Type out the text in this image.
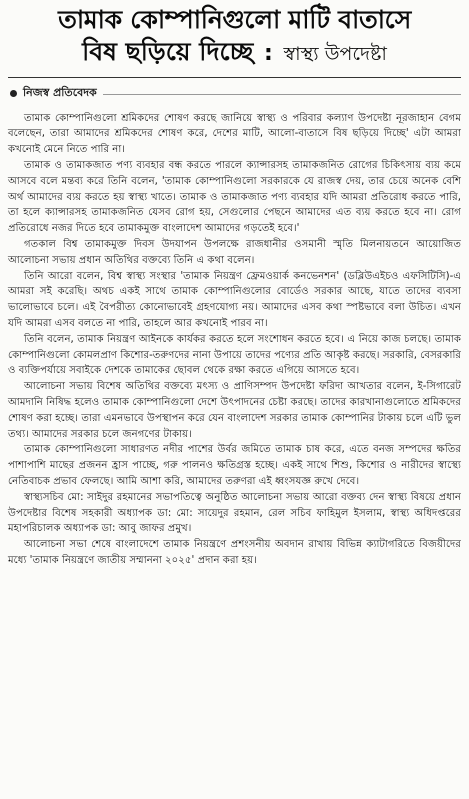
তামাক কোম্পানিগুলো মাটি বাতাসে
বিষ ছড়িয়ে দিচ্ছে : স্বাস্থ্য উপদেষ্টা
নিজস্ব প্রতিবেদক

তামাক কোম্পানিগুলো শ্রমিকদের শোষণ করছে জানিয়ে স্বাস্থ্য ও পরিবার কল্যাণ উপদেষ্টা নূরজাহান বেগম বলেছেন, তারা আমাদের শ্রমিকদের শোষণ করে, দেশের মাটি, আলো-বাতাসে বিষ ছড়িয়ে দিচ্ছে' এটা আমরা কখনোই মেনে নিতে পারি না।

তামাক ও তামাকজাত পণ্য ব্যবহার বন্ধ করতে পারলে ক্যান্সারসহ তামাকজনিত রোগের চিকিৎসায় ব্যয় কমে আসবে বলে মন্তব্য করে তিনি বলেন, 'তামাক কোম্পানিগুলো সরকারকে যে রাজস্ব দেয়, তার চেয়ে অনেক বেশি অর্থ আমাদের ব্যয় করতে হয় স্বাস্থ্য খাতে। তামাক ও তামাকজাত পণ্য ব্যবহার যদি আমরা প্রতিরোধ করতে পারি, তা হলে ক্যান্সারসহ তামাকজনিত যেসব রোগ হয়, সেগুলোর পেছনে আমাদের এত ব্যয় করতে হবে না। রোগ প্রতিরোধে নজর দিতে হবে তামাকমুক্ত বাংলাদেশ আমাদের গড়তেই হবে।'

গতকাল বিশ্ব তামাকমুক্ত দিবস উদযাপন উপলক্ষে রাজধানীর ওসমানী স্মৃতি মিলনায়তনে আয়োজিত আলোচনা সভায় প্রধান অতিথির বক্তব্যে তিনি এ কথা বলেন।

তিনি আরো বলেন, বিশ্ব স্বাস্থ্য সংস্থার 'তামাক নিয়ন্ত্রণ ফ্রেমওয়ার্ক কনভেনশন' (ডব্লিউএইচও এফসিটিসি)-এ আমরা সই করেছি। অথচ একই সাথে তামাক কোম্পানিগুলোর বোর্ডেও সরকার আছে, যাতে তাদের ব্যবসা ভালোভাবে চলে। এই বৈপরীত্য কোনোভাবেই গ্রহণযোগ্য নয়। আমাদের এসব কথা স্পষ্টভাবে বলা উচিত। এখন যদি আমরা এসব বলতে না পারি, তাহলে আর কখনোই পারব না।

তিনি বলেন, তামাক নিয়ন্ত্রণ আইনকে কার্যকর করতে হলে সংশোধন করতে হবে। এ নিয়ে কাজ চলছে। তামাক কোম্পানিগুলো কোমলপ্রাণ কিশোর-তরুণদের নানা উপায়ে তাদের পণ্যের প্রতি আকৃষ্ট করছে। সরকারি, বেসরকারি ও ব্যক্তিপর্যায়ে সবাইকে দেশকে তামাকের ছোবল থেকে রক্ষা করতে এগিয়ে আসতে হবে।

আলোচনা সভায় বিশেষ অতিথির বক্তব্যে মৎস্য ও প্রাণিসম্পদ উপদেষ্টা ফরিদা আখতার বলেন, ই-সিগারেট আমদানি নিষিদ্ধ হলেও তামাক কোম্পানিগুলো দেশে উৎপাদনের চেষ্টা করছে। তাদের কারখানাগুলোতে শ্রমিকদের শোষণ করা হচ্ছে। তারা এমনভাবে উপস্থাপন করে যেন বাংলাদেশ সরকার তামাক কোম্পানির টাকায় চলে এটি ভুল তথ্য। আমাদের সরকার চলে জনগণের টাকায়।

তামাক কোম্পানিগুলো সাধারণত নদীর পাশের উর্বর জমিতে তামাক চাষ করে, এতে বনজ সম্পদের ক্ষতির পাশাপাশি মাছের প্রজনন হ্রাস পাচ্ছে, গরু পালনও ক্ষতিগ্রস্ত হচ্ছে। একই সাথে শিশু, কিশোর ও নারীদের স্বাস্থ্যে নেতিবাচক প্রভাব ফেলছে। আমি আশা করি, আমাদের তরুণরা এই ধ্বংসযজ্ঞ রুখে দেবে।

স্বাস্থ্যসচিব মো: সাইদুর রহমানের সভাপতিত্বে অনুষ্ঠিত আলোচনা সভায় আরো বক্তব্য দেন স্বাস্থ্য বিষয়ে প্রধান উপদেষ্টার বিশেষ সহকারী অধ্যাপক ডা: মো: সায়েদুর রহমান, রেল সচিব ফাহিমুল ইসলাম, স্বাস্থ্য অধিদপ্তরের মহাপরিচালক অধ্যাপক ডা: আবু জাফর প্রমুখ।

আলোচনা সভা শেষে বাংলাদেশে তামাক নিয়ন্ত্রণে প্রশংসনীয় অবদান রাখায় বিভিন্ন ক্যাটাগরিতে বিজয়ীদের মধ্যে 'তামাক নিয়ন্ত্রণে জাতীয় সম্মাননা ২০২৫' প্রদান করা হয়।
